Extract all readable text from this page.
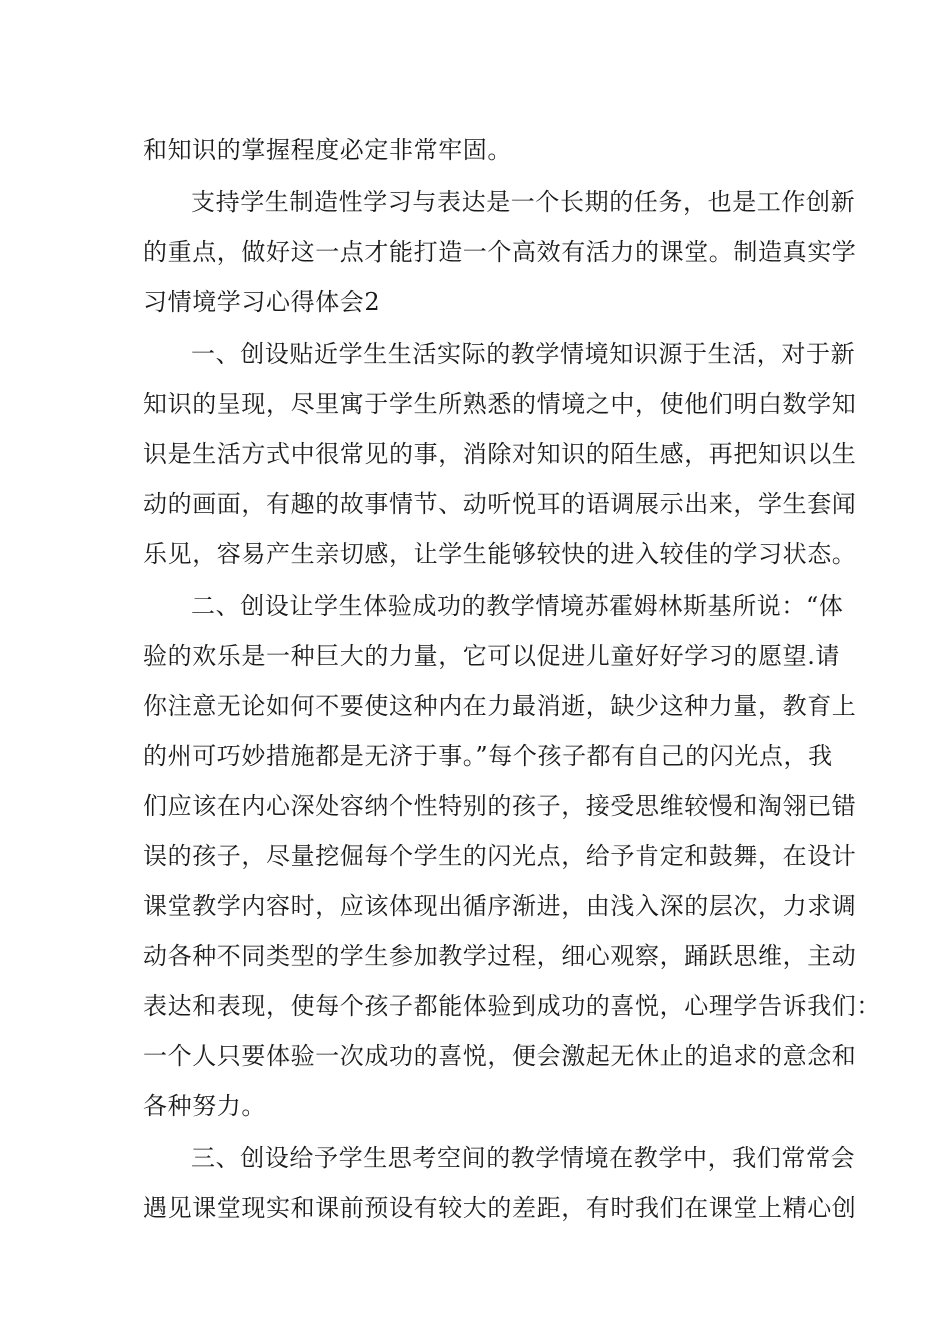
和知识的掌握程度必定非常牢固。

支持学生制造性学习与表达是一个长期的任务，也是工作创新

的重点，做好这一点才能打造一个高效有活力的课堂。制造真实学

习情境学习心得体会2

一、创设贴近学生生活实际的教学情境知识源于生活，对于新

知识的呈现，尽里寓于学生所熟悉的情境之中，使他们明白数学知

识是生活方式中很常见的事，消除对知识的陌生感，再把知识以生

动的画面，有趣的故事情节、动听悦耳的语调展示出来，学生套闻

乐见，容易产生亲切感，让学生能够较快的进入较佳的学习状态。

二、创设让学生体验成功的教学情境苏霍姆林斯基所说：“体

验的欢乐是一种巨大的力量，它可以促进儿童好好学习的愿望.请

你注意无论如何不要使这种内在力最消逝，缺少这种力量，教育上

的州可巧妙措施都是无济于事。”每个孩子都有自己的闪光点，我

们应该在内心深处容纳个性特别的孩子，接受思维较慢和淘翎已错

误的孩子，尽量挖倔每个学生的闪光点，给予肯定和鼓舞，在设计

课堂教学内容时，应该体现出循序渐进，由浅入深的层次，力求调

动各种不同类型的学生参加教学过程，细心观察，踊跃思维，主动

表达和表现，使每个孩子都能体验到成功的喜悦，心理学告诉我们：

一个人只要体验一次成功的喜悦，便会激起无休止的追求的意念和

各种努力。

三、创设给予学生思考空间的教学情境在教学中，我们常常会

遇见课堂现实和课前预设有较大的差距，有时我们在课堂上精心创
